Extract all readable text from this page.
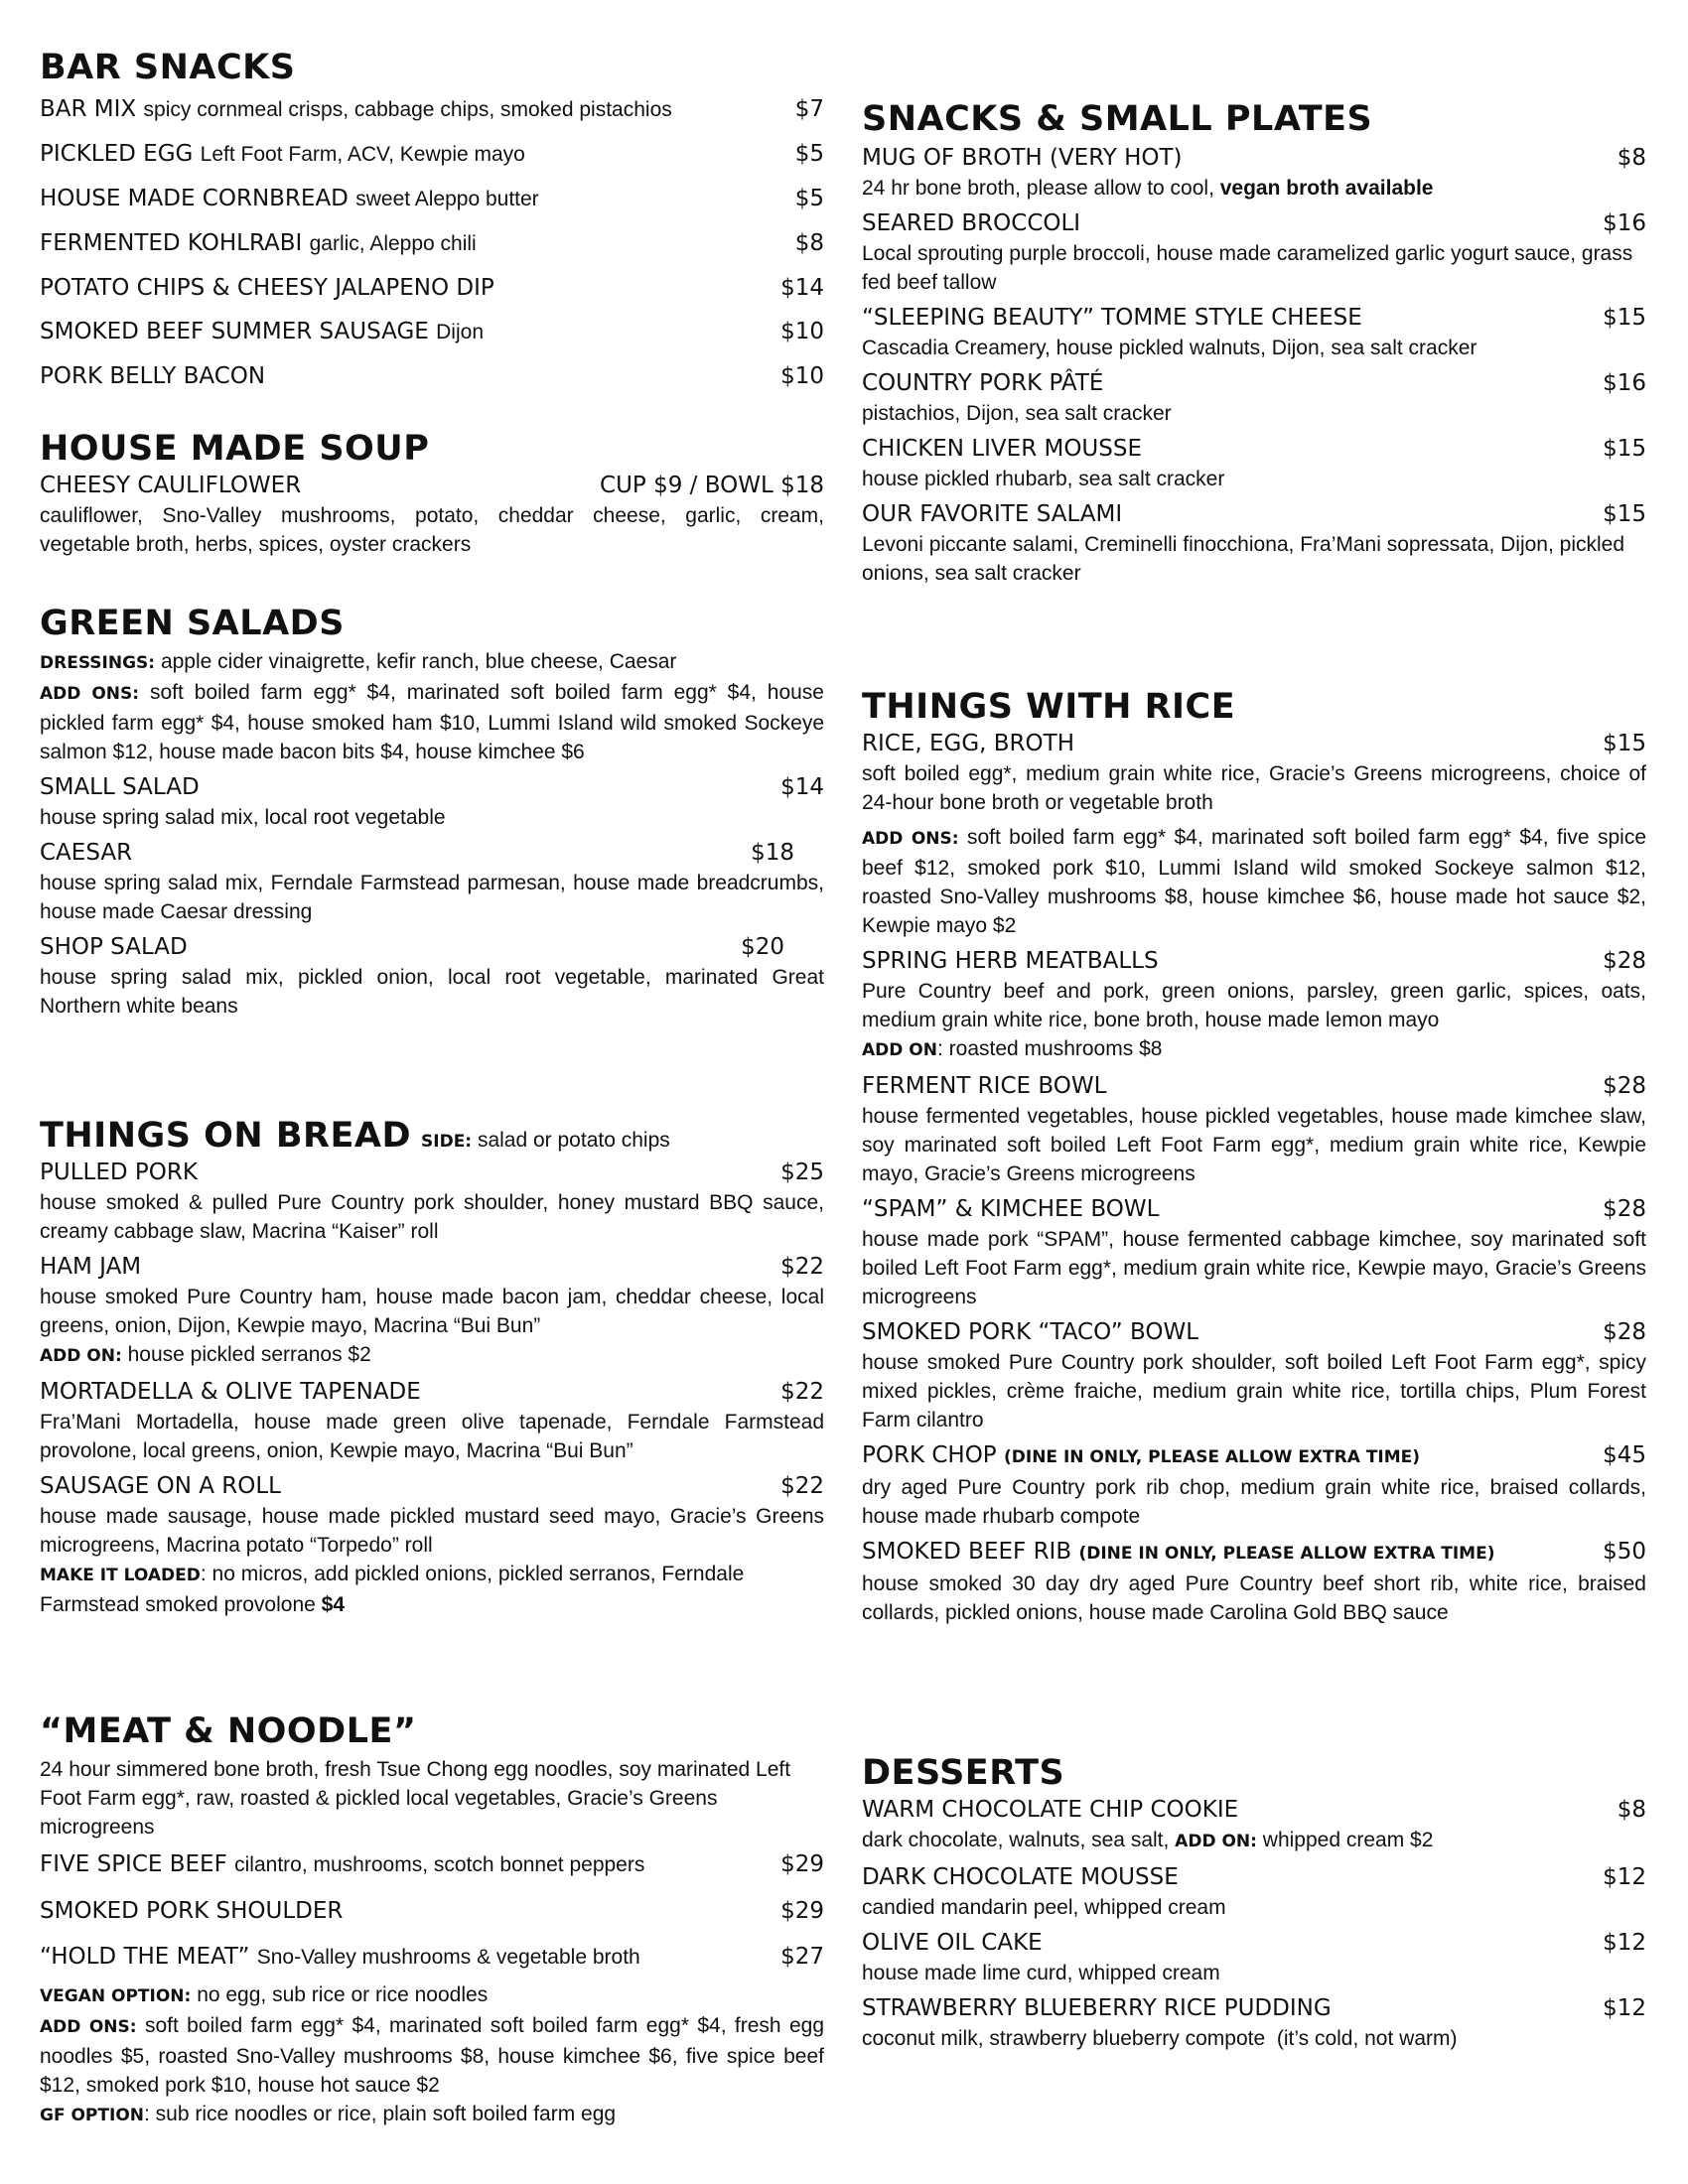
BAR SNACKS
BAR MIX spicy cornmeal crisps, cabbage chips, smoked pistachios	$7
PICKLED EGG Left Foot Farm, ACV, Kewpie mayo	$5
HOUSE MADE CORNBREAD sweet Aleppo butter	$5
FERMENTED KOHLRABI garlic, Aleppo chili	$8
POTATO CHIPS & CHEESY JALAPENO DIP	$14
SMOKED BEEF SUMMER SAUSAGE Dijon	$10
PORK BELLY BACON	$10
HOUSE MADE SOUP
CHEESY CAULIFLOWER	CUP $9 / BOWL $18
cauliflower, Sno-Valley mushrooms, potato, cheddar cheese, garlic, cream, vegetable broth, herbs, spices, oyster crackers
GREEN SALADS
DRESSINGS: apple cider vinaigrette, kefir ranch, blue cheese, Caesar
ADD ONS: soft boiled farm egg* $4, marinated soft boiled farm egg* $4, house pickled farm egg* $4, house smoked ham $10, Lummi Island wild smoked Sockeye salmon $12, house made bacon bits $4, house kimchee $6
SMALL SALAD	$14
house spring salad mix, local root vegetable
CAESAR	$18
house spring salad mix, Ferndale Farmstead parmesan, house made breadcrumbs, house made Caesar dressing
SHOP SALAD	$20
house spring salad mix, pickled onion, local root vegetable, marinated Great Northern white beans
THINGS ON BREAD SIDE: salad or potato chips
PULLED PORK	$25
house smoked & pulled Pure Country pork shoulder, honey mustard BBQ sauce, creamy cabbage slaw, Macrina “Kaiser” roll
HAM JAM	$22
house smoked Pure Country ham, house made bacon jam, cheddar cheese, local greens, onion, Dijon, Kewpie mayo, Macrina “Bui Bun”
ADD ON: house pickled serranos $2
MORTADELLA & OLIVE TAPENADE	$22
Fra’Mani Mortadella, house made green olive tapenade, Ferndale Farmstead provolone, local greens, onion, Kewpie mayo, Macrina “Bui Bun”
SAUSAGE ON A ROLL	$22
house made sausage, house made pickled mustard seed mayo, Gracie’s Greens microgreens, Macrina potato “Torpedo” roll
MAKE IT LOADED: no micros, add pickled onions, pickled serranos, Ferndale Farmstead smoked provolone $4
“MEAT & NOODLE”
24 hour simmered bone broth, fresh Tsue Chong egg noodles, soy marinated Left Foot Farm egg*, raw, roasted & pickled local vegetables, Gracie’s Greens microgreens
FIVE SPICE BEEF cilantro, mushrooms, scotch bonnet peppers	$29
SMOKED PORK SHOULDER	$29
“HOLD THE MEAT” Sno-Valley mushrooms & vegetable broth	$27
VEGAN OPTION: no egg, sub rice or rice noodles
ADD ONS: soft boiled farm egg* $4, marinated soft boiled farm egg* $4, fresh egg noodles $5, roasted Sno-Valley mushrooms $8, house kimchee $6, five spice beef $12, smoked pork $10, house hot sauce $2
GF OPTION: sub rice noodles or rice, plain soft boiled farm egg
SNACKS & SMALL PLATES
MUG OF BROTH (VERY HOT)	$8
24 hr bone broth, please allow to cool, vegan broth available
SEARED BROCCOLI	$16
Local sprouting purple broccoli, house made caramelized garlic yogurt sauce, grass fed beef tallow
“SLEEPING BEAUTY” TOMME STYLE CHEESE	$15
Cascadia Creamery, house pickled walnuts, Dijon, sea salt cracker
COUNTRY PORK PÂTÉ	$16
pistachios, Dijon, sea salt cracker
CHICKEN LIVER MOUSSE	$15
house pickled rhubarb, sea salt cracker
OUR FAVORITE SALAMI	$15
Levoni piccante salami, Creminelli finocchiona, Fra’Mani sopressata, Dijon, pickled onions, sea salt cracker
THINGS WITH RICE
RICE, EGG, BROTH	$15
soft boiled egg*, medium grain white rice, Gracie’s Greens microgreens, choice of 24-hour bone broth or vegetable broth
ADD ONS: soft boiled farm egg* $4, marinated soft boiled farm egg* $4, five spice beef $12, smoked pork $10, Lummi Island wild smoked Sockeye salmon $12, roasted Sno-Valley mushrooms $8, house kimchee $6, house made hot sauce $2, Kewpie mayo $2
SPRING HERB MEATBALLS	$28
Pure Country beef and pork, green onions, parsley, green garlic, spices, oats, medium grain white rice, bone broth, house made lemon mayo
ADD ON: roasted mushrooms $8
FERMENT RICE BOWL	$28
house fermented vegetables, house pickled vegetables, house made kimchee slaw, soy marinated soft boiled Left Foot Farm egg*, medium grain white rice, Kewpie mayo, Gracie’s Greens microgreens
“SPAM” & KIMCHEE BOWL	$28
house made pork “SPAM”, house fermented cabbage kimchee, soy marinated soft boiled Left Foot Farm egg*, medium grain white rice, Kewpie mayo, Gracie’s Greens microgreens
SMOKED PORK “TACO” BOWL	$28
house smoked Pure Country pork shoulder, soft boiled Left Foot Farm egg*, spicy mixed pickles, crème fraiche, medium grain white rice, tortilla chips, Plum Forest Farm cilantro
PORK CHOP (DINE IN ONLY, PLEASE ALLOW EXTRA TIME)	$45
dry aged Pure Country pork rib chop, medium grain white rice, braised collards, house made rhubarb compote
SMOKED BEEF RIB (DINE IN ONLY, PLEASE ALLOW EXTRA TIME)	$50
house smoked 30 day dry aged Pure Country beef short rib, white rice, braised collards, pickled onions, house made Carolina Gold BBQ sauce
DESSERTS
WARM CHOCOLATE CHIP COOKIE	$8
dark chocolate, walnuts, sea salt, ADD ON: whipped cream $2
DARK CHOCOLATE MOUSSE	$12
candied mandarin peel, whipped cream
OLIVE OIL CAKE	$12
house made lime curd, whipped cream
STRAWBERRY BLUEBERRY RICE PUDDING	$12
coconut milk, strawberry blueberry compote  (it’s cold, not warm)
